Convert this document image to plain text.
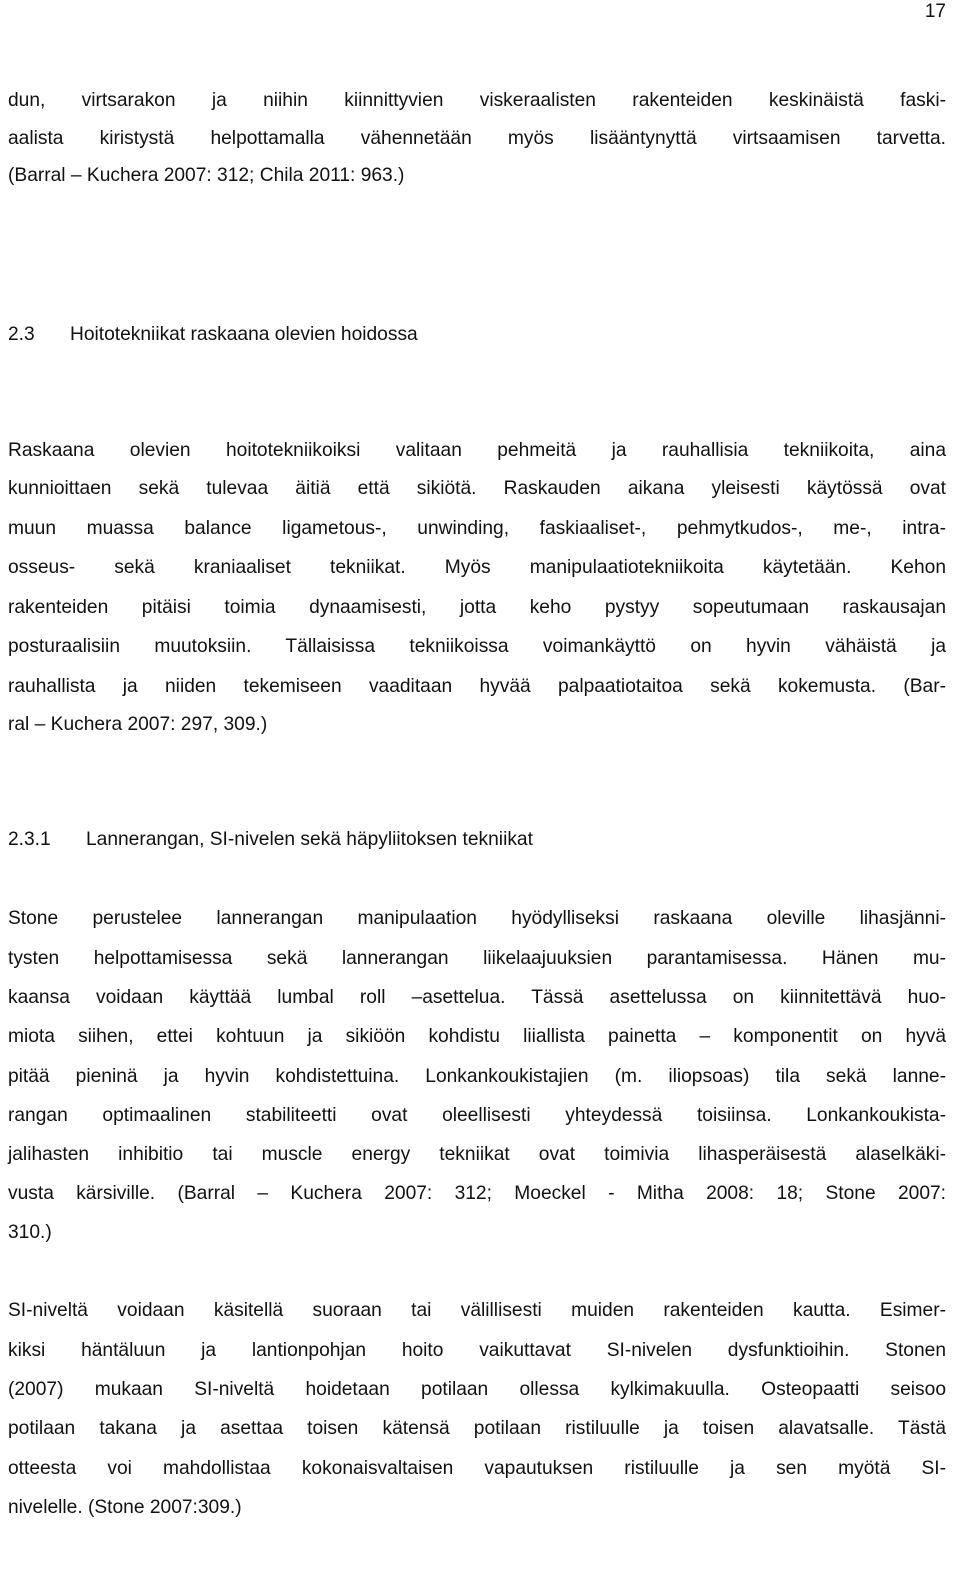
17
dun, virtsarakon ja niihin kiinnittyvien viskeraalisten rakenteiden keskinäistä faski-
aalista kiristystä helpottamalla vähennetään myös lisääntynyttä virtsaamisen tarvetta.
(Barral – Kuchera 2007: 312; Chila 2011: 963.)
2.3 Hoitotekniikat raskaana olevien hoidossa
Raskaana olevien hoitotekniikoiksi valitaan pehmeitä ja rauhallisia tekniikoita, aina
kunnioittaen sekä tulevaa äitiä että sikiötä. Raskauden aikana yleisesti käytössä ovat
muun muassa balance ligametous-, unwinding, faskiaaliset-, pehmytkudos-, me-, intra-
osseus- sekä kraniaaliset tekniikat. Myös manipulaatiotekniikoita käytetään. Kehon
rakenteiden pitäisi toimia dynaamisesti, jotta keho pystyy sopeutumaan raskausajan
posturaalisiin muutoksiin. Tällaisissa tekniikoissa voimankäyttö on hyvin vähäistä ja
rauhallista ja niiden tekemiseen vaaditaan hyvää palpaatiotaitoa sekä kokemusta. (Bar-
ral – Kuchera 2007: 297, 309.)
2.3.1 Lannerangan, SI-nivelen sekä häpyliitoksen tekniikat
Stone perustelee lannerangan manipulaation hyödylliseksi raskaana oleville lihasjänni-
tysten helpottamisessa sekä lannerangan liikelaajuuksien parantamisessa. Hänen mu-
kaansa voidaan käyttää lumbal roll –asettelua. Tässä asettelussa on kiinnitettävä huo-
miota siihen, ettei kohtuun ja sikiöön kohdistu liiallista painetta – komponentit on hyvä
pitää pieninä ja hyvin kohdistettuina. Lonkankoukistajien (m. iliopsoas) tila sekä lanne-
rangan optimaalinen stabiliteetti ovat oleellisesti yhteydessä toisiinsa. Lonkankoukista-
jalihasten inhibitio tai muscle energy tekniikat ovat toimivia lihasperäisestä alaselkäki-
vusta kärsiville. (Barral – Kuchera 2007: 312; Moeckel - Mitha 2008: 18; Stone 2007:
310.)
SI-niveltä voidaan käsitellä suoraan tai välillisesti muiden rakenteiden kautta. Esimer-
kiksi häntäluun ja lantionpohjan hoito vaikuttavat SI-nivelen dysfunktioihin. Stonen
(2007) mukaan SI-niveltä hoidetaan potilaan ollessa kylkimakuulla. Osteopaatti seisoo
potilaan takana ja asettaa toisen kätensä potilaan ristiluulle ja toisen alavatsalle. Tästä
otteesta voi mahdollistaa kokonaisvaltaisen vapautuksen ristiluulle ja sen myötä SI-
nivelelle. (Stone 2007:309.)
